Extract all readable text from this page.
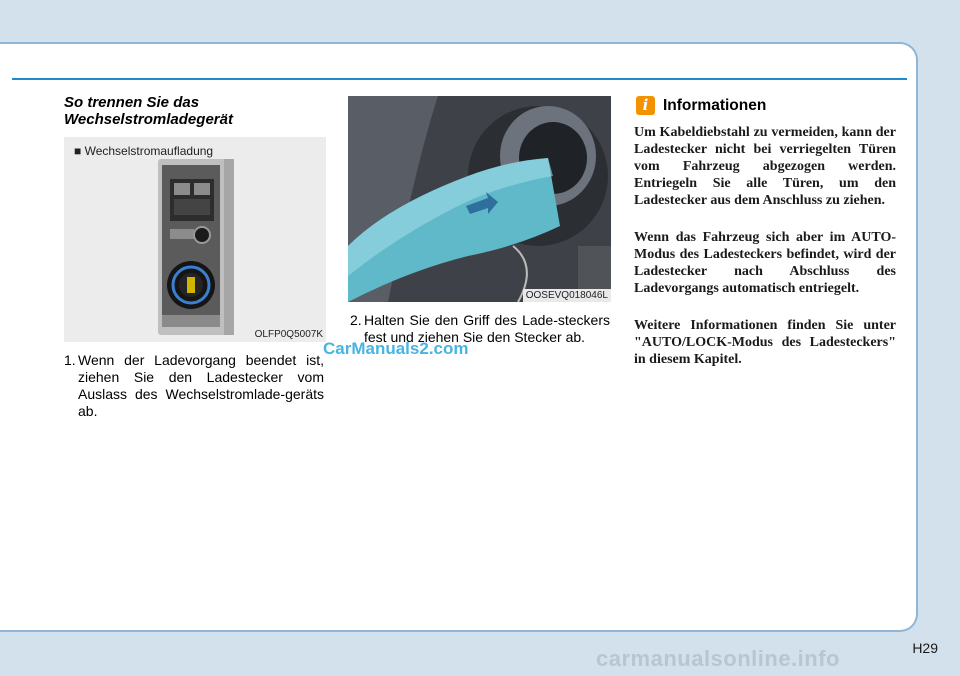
So trennen Sie das Wechselstromladegerät
■ Wechselstromaufladung
OLFP0Q5007K
OOSEVQ018046L
1. Wenn der Ladevorgang beendet ist, ziehen Sie den Ladestecker vom Auslass des Wechselstromlade-geräts ab.
2. Halten Sie den Griff des Lade-steckers fest und ziehen Sie den Stecker ab.
i Informationen
Um Kabeldiebstahl zu vermeiden, kann der Ladestecker nicht bei verriegelten Türen vom Fahrzeug abgezogen werden. Entriegeln Sie alle Türen, um den Ladestecker aus dem Anschluss zu ziehen.
Wenn das Fahrzeug sich aber im AUTO-Modus des Ladesteckers befindet, wird der Ladestecker nach Abschluss des Ladevorgangs automatisch entriegelt.
Weitere Informationen finden Sie unter "AUTO/LOCK-Modus des Ladesteckers" in diesem Kapitel.
CarManuals2.com
H29
carmanualsonline.info
